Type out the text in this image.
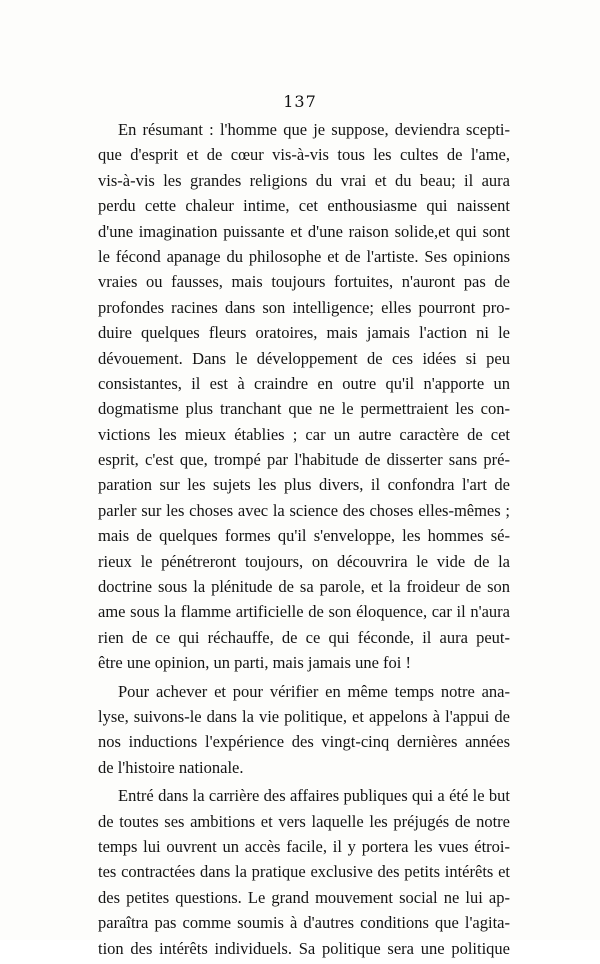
137
En résumant : l'homme que je suppose, deviendra scepti-
que d'esprit et de cœur vis-à-vis tous les cultes de l'ame,
vis-à-vis les grandes religions du vrai et du beau; il aura
perdu cette chaleur intime, cet enthousiasme qui naissent
d'une imagination puissante et d'une raison solide,et qui sont
le fécond apanage du philosophe et de l'artiste. Ses opinions
vraies ou fausses, mais toujours fortuites, n'auront pas de
profondes racines dans son intelligence; elles pourront pro-
duire quelques fleurs oratoires, mais jamais l'action ni le
dévouement. Dans le développement de ces idées si peu
consistantes, il est à craindre en outre qu'il n'apporte un
dogmatisme plus tranchant que ne le permettraient les con-
victions les mieux établies ; car un autre caractère de cet
esprit, c'est que, trompé par l'habitude de disserter sans pré-
paration sur les sujets les plus divers, il confondra l'art de
parler sur les choses avec la science des choses elles-mêmes ;
mais de quelques formes qu'il s'enveloppe, les hommes sé-
rieux le pénétreront toujours, on découvrira le vide de la
doctrine sous la plénitude de sa parole, et la froideur de son
ame sous la flamme artificielle de son éloquence, car il n'aura
rien de ce qui réchauffe, de ce qui féconde, il aura peut-
être une opinion, un parti, mais jamais une foi !
Pour achever et pour vérifier en même temps notre ana-
lyse, suivons-le dans la vie politique, et appelons à l'appui de
nos inductions l'expérience des vingt-cinq dernières années
de l'histoire nationale.
Entré dans la carrière des affaires publiques qui a été le but
de toutes ses ambitions et vers laquelle les préjugés de notre
temps lui ouvrent un accès facile, il y portera les vues étroi-
tes contractées dans la pratique exclusive des petits intérêts et
des petites questions. Le grand mouvement social ne lui ap-
paraîtra pas comme soumis à d'autres conditions que l'agita-
tion des intérêts individuels. Sa politique sera une politique
